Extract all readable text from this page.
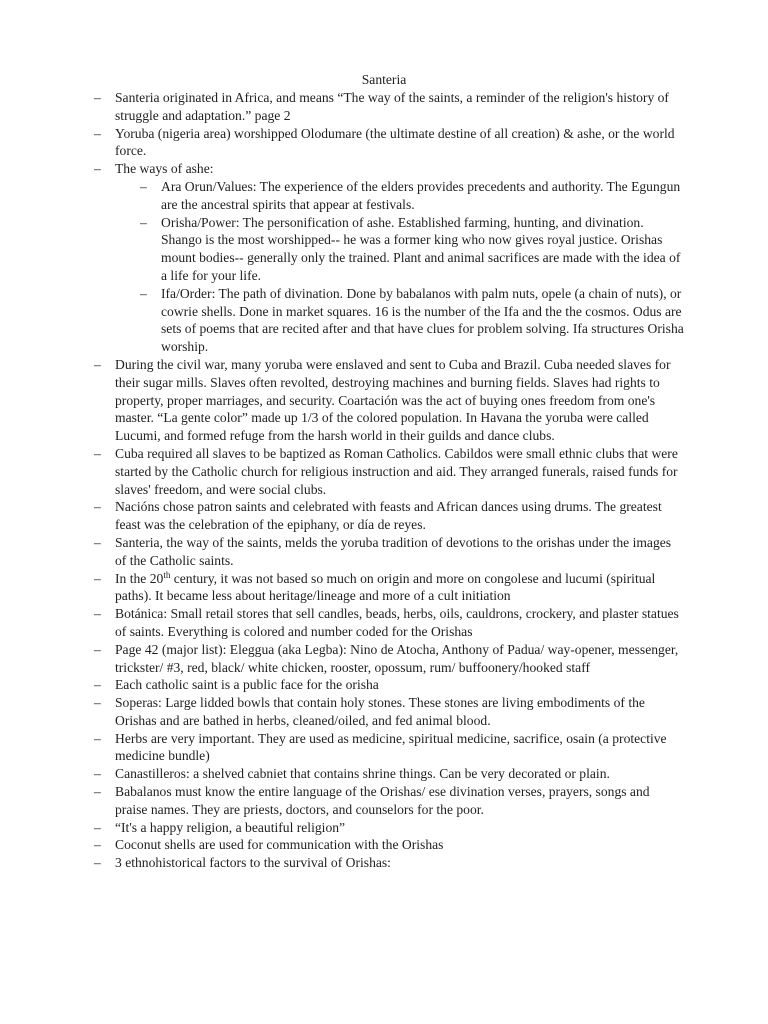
Santeria
– Santeria originated in Africa, and means “The way of the saints, a reminder of the religion's history of struggle and adaptation.” page 2
– Yoruba (nigeria area) worshipped Olodumare (the ultimate destine of all creation) & ashe, or the world force.
– The ways of ashe:
– Ara Orun/Values: The experience of the elders provides precedents and authority. The Egungun are the ancestral spirits that appear at festivals.
– Orisha/Power: The personification of ashe. Established farming, hunting, and divination. Shango is the most worshipped-- he was a former king who now gives royal justice. Orishas mount bodies-- generally only the trained. Plant and animal sacrifices are made with the idea of a life for your life.
– Ifa/Order: The path of divination. Done by babalanos with palm nuts, opele (a chain of nuts), or cowrie shells. Done in market squares. 16 is the number of the Ifa and the the cosmos. Odus are sets of poems that are recited after and that have clues for problem solving. Ifa structures Orisha worship.
– During the civil war, many yoruba were enslaved and sent to Cuba and Brazil. Cuba needed slaves for their sugar mills. Slaves often revolted, destroying machines and burning fields. Slaves had rights to property, proper marriages, and security. Coartación was the act of buying ones freedom from one's master. “La gente color” made up 1/3 of the colored population. In Havana the yoruba were called Lucumi, and formed refuge from the harsh world in their guilds and dance clubs.
– Cuba required all slaves to be baptized as Roman Catholics. Cabildos were small ethnic clubs that were started by the Catholic church for religious instruction and aid. They arranged funerals, raised funds for slaves' freedom, and were social clubs.
– Nacións chose patron saints and celebrated with feasts and African dances using drums. The greatest feast was the celebration of the epiphany, or día de reyes.
– Santeria, the way of the saints, melds the yoruba tradition of devotions to the orishas under the images of the Catholic saints.
– In the 20th century, it was not based so much on origin and more on congolese and lucumi (spiritual paths). It became less about heritage/lineage and more of a cult initiation
– Botánica: Small retail stores that sell candles, beads, herbs, oils, cauldrons, crockery, and plaster statues of saints. Everything is colored and number coded for the Orishas
– Page 42 (major list): Eleggua (aka Legba): Nino de Atocha, Anthony of Padua/ way-opener, messenger, trickster/ #3, red, black/ white chicken, rooster, opossum, rum/ buffoonery/hooked staff
– Each catholic saint is a public face for the orisha
– Soperas: Large lidded bowls that contain holy stones. These stones are living embodiments of the Orishas and are bathed in herbs, cleaned/oiled, and fed animal blood.
– Herbs are very important. They are used as medicine, spiritual medicine, sacrifice, osain (a protective medicine bundle)
– Canastilleros: a shelved cabniet that contains shrine things. Can be very decorated or plain.
– Babalanos must know the entire language of the Orishas/ ese divination verses, prayers, songs and praise names. They are priests, doctors, and counselors for the poor.
– “It's a happy religion, a beautiful religion”
– Coconut shells are used for communication with the Orishas
– 3 ethnohistorical factors to the survival of Orishas:
